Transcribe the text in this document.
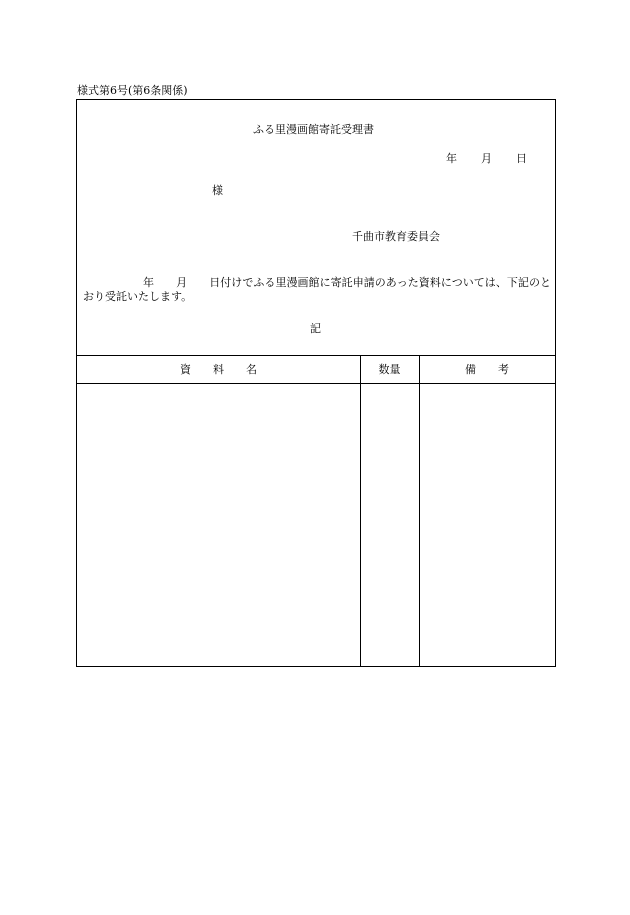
様式第6号(第6条関係)
ふる里漫画館寄託受理書
年 月 日
様
千曲市教育委員会
年　　月　　日付けでふる里漫画館に寄託申請のあった資料については、下記のとおり受託いたします。
記
資　　料　　名	数量	備　　考
